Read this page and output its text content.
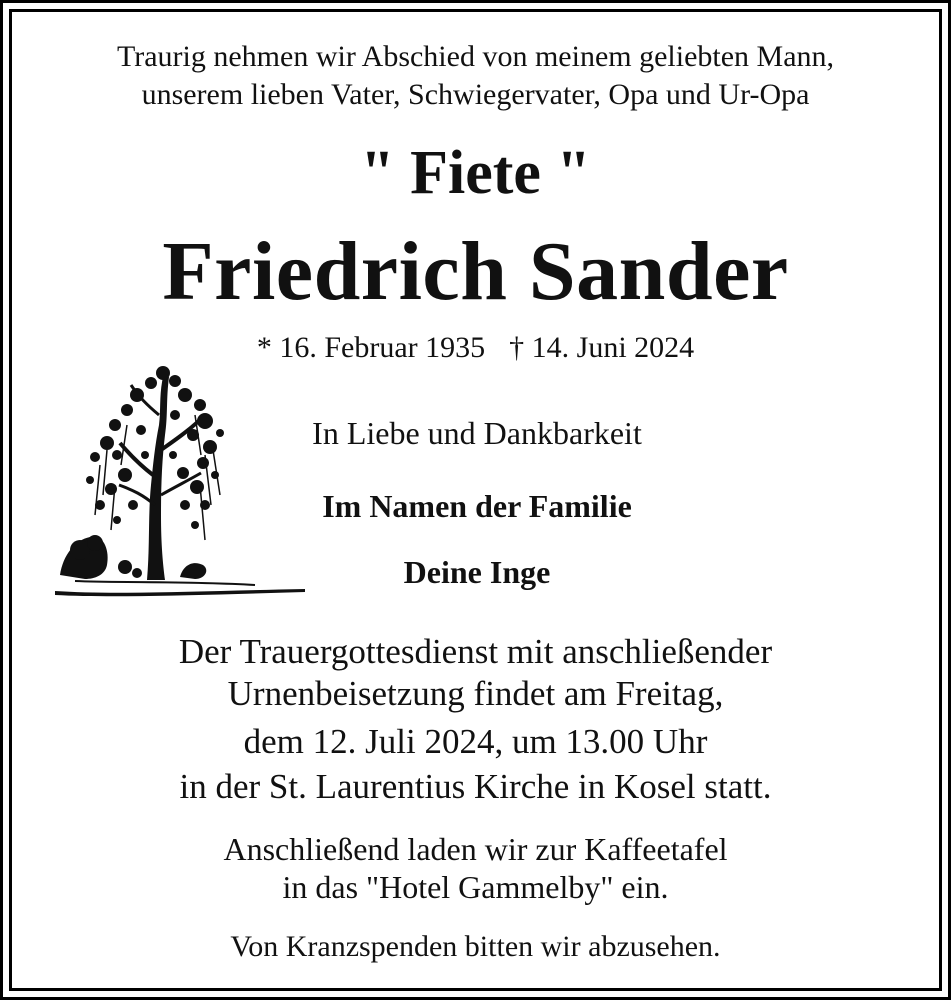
Traurig nehmen wir Abschied von meinem geliebten Mann,
unserem lieben Vater, Schwiegervater, Opa und Ur-Opa
" Fiete "
Friedrich Sander
* 16. Februar 1935 † 14. Juni 2024
In Liebe und Dankbarkeit
Im Namen der Familie
Deine Inge
Der Trauergottesdienst mit anschließender
Urnenbeisetzung findet am Freitag,
dem 12. Juli 2024, um 13.00 Uhr
in der St. Laurentius Kirche in Kosel statt.
Anschließend laden wir zur Kaffeetafel
in das "Hotel Gammelby" ein.
Von Kranzspenden bitten wir abzusehen.
